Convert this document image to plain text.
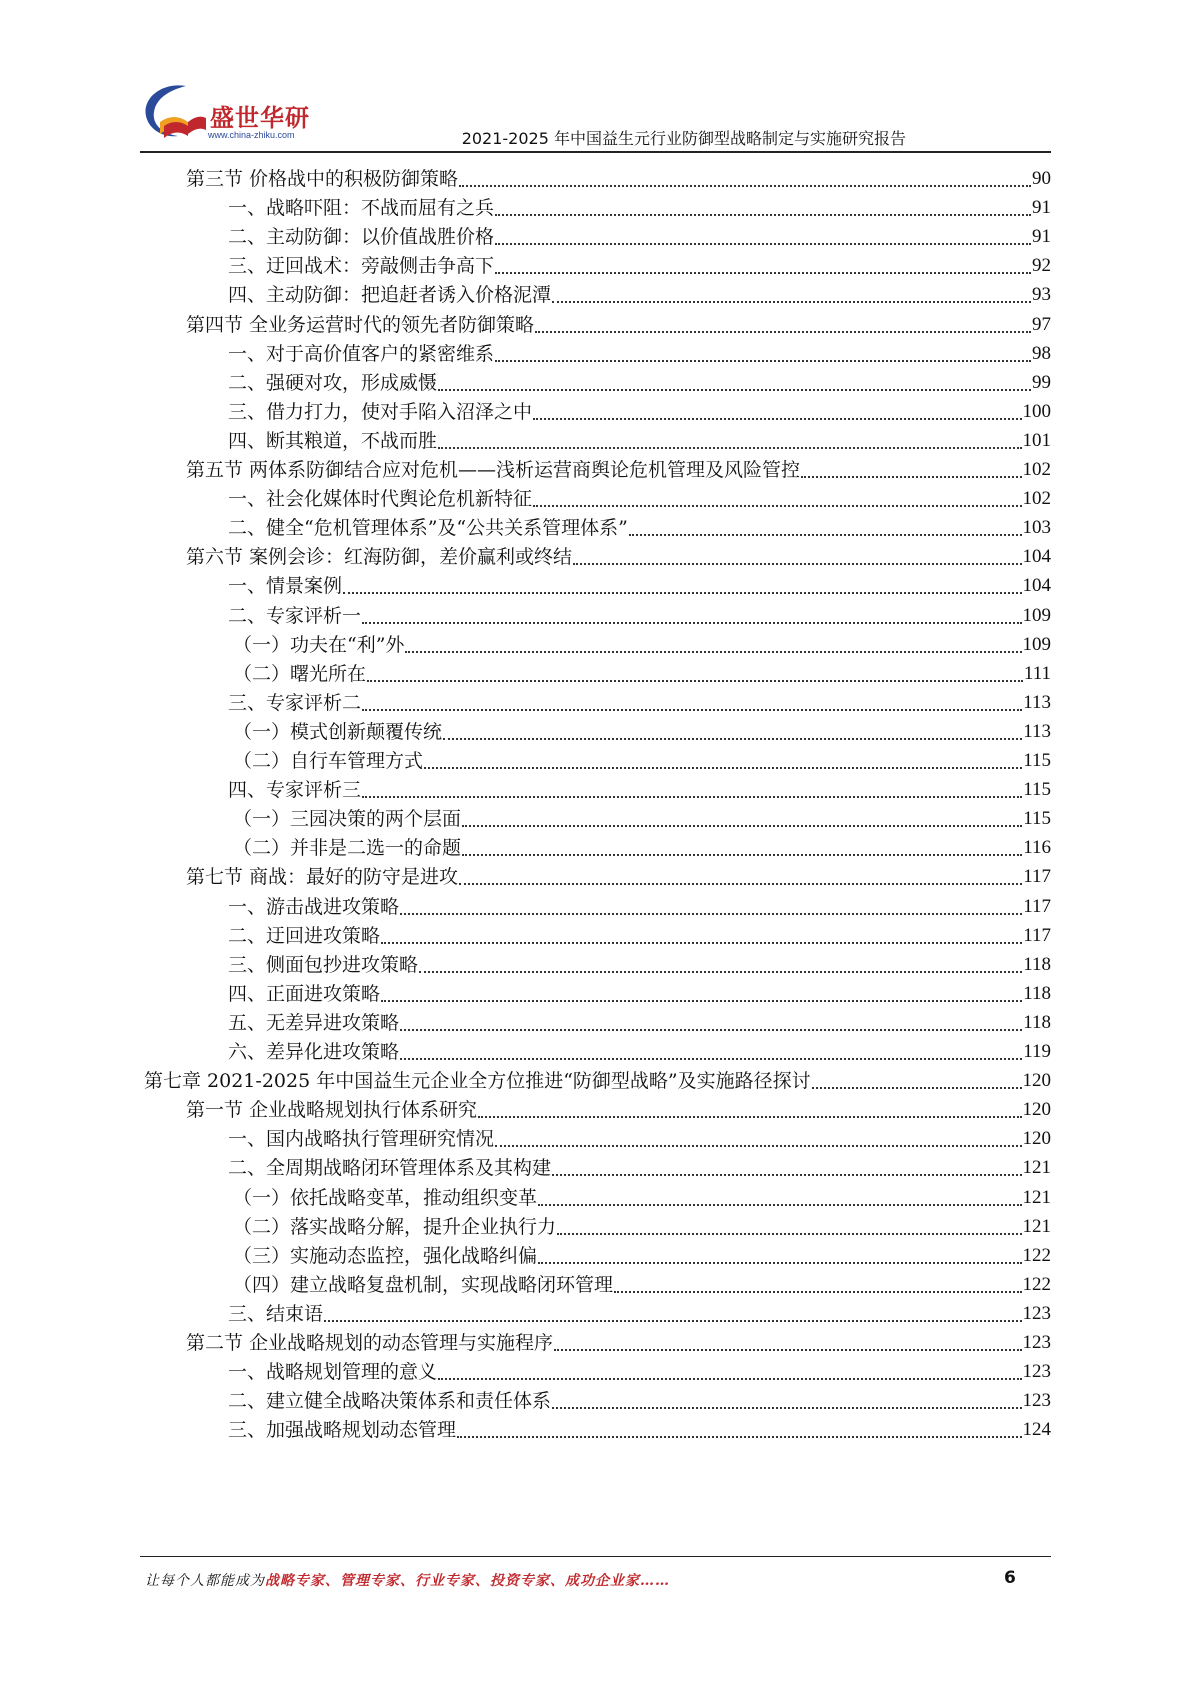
盛世华研
www.china-zhiku.com	2021-2025 年中国益生元行业防御型战略制定与实施研究报告
第三节 价格战中的积极防御策略	90
一、战略吓阻：不战而屈有之兵	91
二、主动防御：以价值战胜价格	91
三、迂回战术：旁敲侧击争高下	92
四、主动防御：把追赶者诱入价格泥潭	93
第四节 全业务运营时代的领先者防御策略	97
一、对于高价值客户的紧密维系	98
二、强硬对攻，形成威慑	99
三、借力打力，使对手陷入沼泽之中	100
四、断其粮道，不战而胜	101
第五节 两体系防御结合应对危机——浅析运营商舆论危机管理及风险管控	102
一、社会化媒体时代舆论危机新特征	102
二、健全“危机管理体系”及“公共关系管理体系”	103
第六节 案例会诊：红海防御，差价赢利或终结	104
一、情景案例	104
二、专家评析一	109
（一）功夫在“利”外	109
（二）曙光所在	111
三、专家评析二	113
（一）模式创新颠覆传统	113
（二）自行车管理方式	115
四、专家评析三	115
（一）三园决策的两个层面	115
（二）并非是二选一的命题	116
第七节 商战：最好的防守是进攻	117
一、游击战进攻策略	117
二、迂回进攻策略	117
三、侧面包抄进攻策略	118
四、正面进攻策略	118
五、无差异进攻策略	118
六、差异化进攻策略	119
第七章 2021-2025 年中国益生元企业全方位推进“防御型战略”及实施路径探讨	120
第一节 企业战略规划执行体系研究	120
一、国内战略执行管理研究情况	120
二、全周期战略闭环管理体系及其构建	121
（一）依托战略变革，推动组织变革	121
（二）落实战略分解，提升企业执行力	121
（三）实施动态监控，强化战略纠偏	122
（四）建立战略复盘机制，实现战略闭环管理	122
三、结束语	123
第二节 企业战略规划的动态管理与实施程序	123
一、战略规划管理的意义	123
二、建立健全战略决策体系和责任体系	123
三、加强战略规划动态管理	124
让每个人都能成为战略专家、管理专家、行业专家、投资专家、成功企业家……	6
